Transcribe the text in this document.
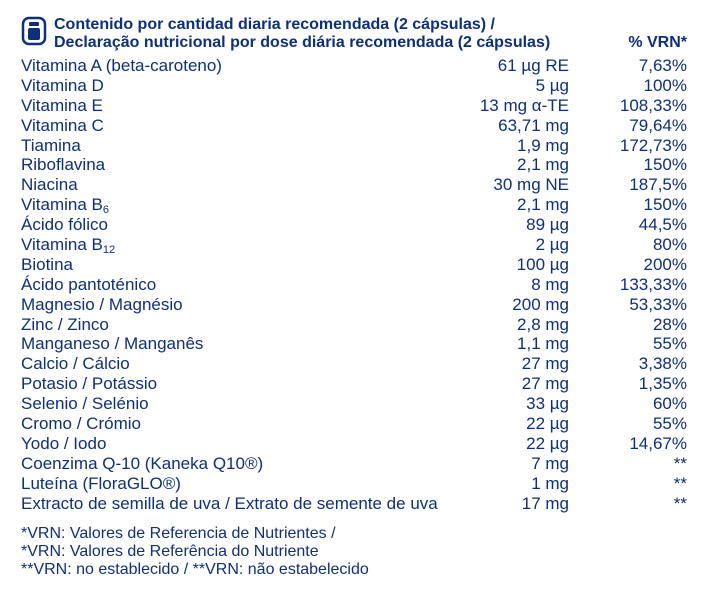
Contenido por cantidad diaria recomendada (2 cápsulas) /
Declaração nutricional por dose diária recomendada (2 cápsulas)	% VRN*
Vitamina A (beta-caroteno)	61 µg RE	7,63%
Vitamina D	5 µg	100%
Vitamina E	13 mg α-TE	108,33%
Vitamina C	63,71 mg	79,64%
Tiamina	1,9 mg	172,73%
Riboflavina	2,1 mg	150%
Niacina	30 mg NE	187,5%
Vitamina $B_6$	2,1 mg	150%
Ácido fólico	89 µg	44,5%
Vitamina $B_{12}$	2 µg	80%
Biotina	100 µg	200%
Ácido pantoténico	8 mg	133,33%
Magnesio / Magnésio	200 mg	53,33%
Zinc / Zinco	2,8 mg	28%
Manganeso / Manganês	1,1 mg	55%
Calcio / Cálcio	27 mg	3,38%
Potasio / Potássio	27 mg	1,35%
Selenio / Selénio	33 µg	60%
Cromo / Crómio	22 µg	55%
Yodo / Iodo	22 µg	14,67%
Coenzima Q-10 (Kaneka Q10®)	7 mg	**
Luteína (FloraGLO®)	1 mg	**
Extracto de semilla de uva / Extrato de semente de uva	17 mg	**
*VRN: Valores de Referencia de Nutrientes /
*VRN: Valores de Referência do Nutriente
**VRN: no establecido / **VRN: não estabelecido
